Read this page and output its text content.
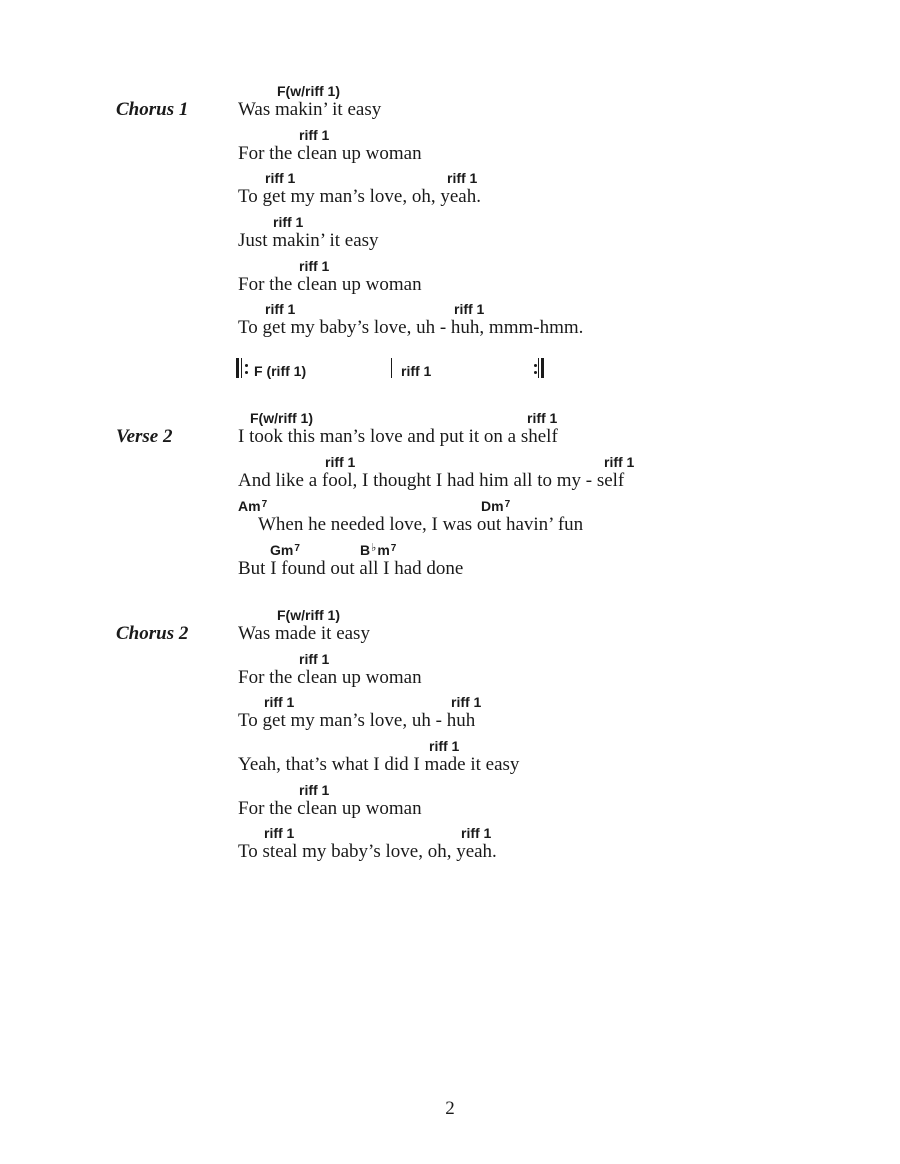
Chorus 1
F(w/riff 1)
Was makin’ it easy
riff 1
For the clean up woman
riff 1	riff 1
To get my man’s love, oh, yeah.
riff 1
Just makin’ it easy
riff 1
For the clean up woman
riff 1	riff 1
To get my baby’s love, uh - huh, mmm-hmm.
F (riff 1)	riff 1
Verse 2
F(w/riff 1)	riff 1
I took this man’s love and put it on a shelf
riff 1	riff 1
And like a fool, I thought I had him all to my - self
Am$^7$	Dm$^7$
When he needed love, I was out havin’ fun
Gm$^7$	$B^♭m^7$
But I found out all I had done
Chorus 2
F(w/riff 1)
Was made it easy
riff 1
For the clean up woman
riff 1	riff 1
To get my man’s love, uh - huh
riff 1
Yeah, that’s what I did I made it easy
riff 1
For the clean up woman
riff 1	riff 1
To steal my baby’s love, oh, yeah.
2
